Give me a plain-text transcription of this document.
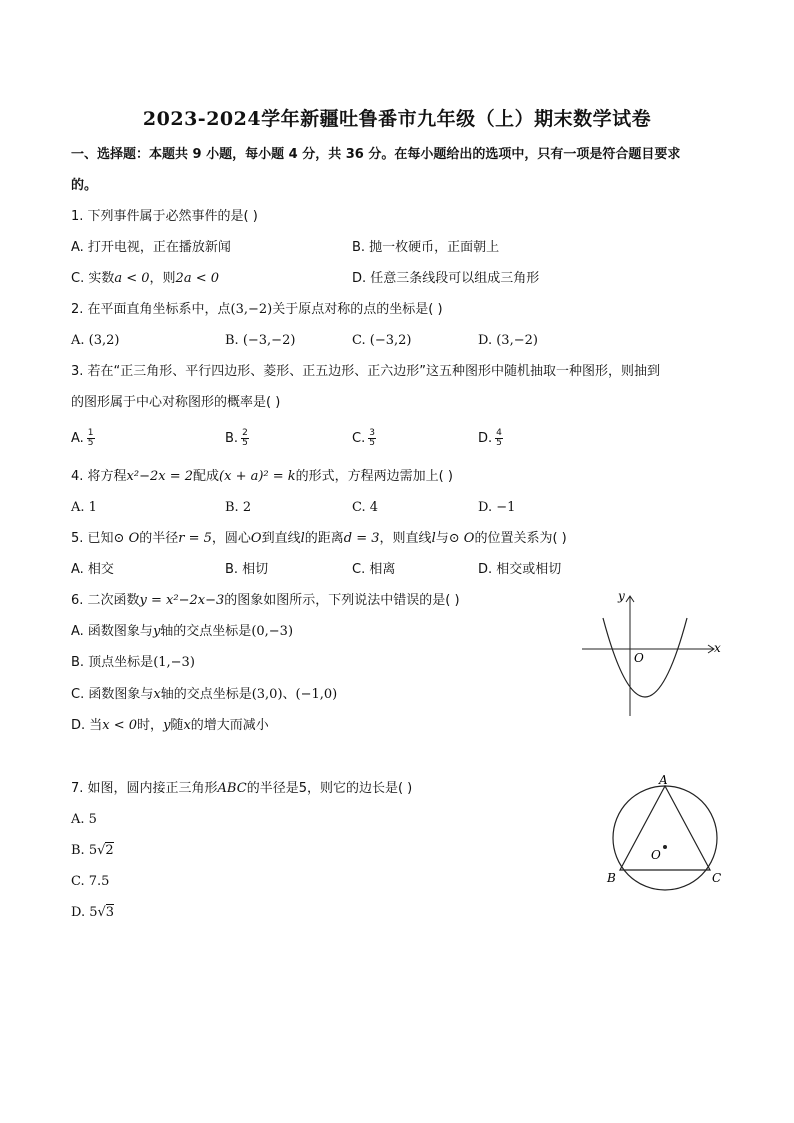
2023-2024学年新疆吐鲁番市九年级（上）期末数学试卷
一、选择题：本题共 9 小题，每小题 4 分，共 36 分。在每小题给出的选项中，只有一项是符合题目要求
的。
1. 下列事件属于必然事件的是( )
A. 打开电视，正在播放新闻	B. 抛一枚硬币，正面朝上
C. 实数a < 0，则2a < 0	D. 任意三条线段可以组成三角形
2. 在平面直角坐标系中，点(3,−2)关于原点对称的点的坐标是( )
A. (3,2)	B. (−3,−2)	C. (−3,2)	D. (3,−2)
3. 若在“正三角形、平行四边形、菱形、正五边形、正六边形”这五种图形中随机抽取一种图形，则抽到
的图形属于中心对称图形的概率是( )
A. $\frac{1}{5}$	B. $\frac{2}{5}$	C. $\frac{3}{5}$	D. $\frac{4}{5}$
4. 将方程x²−2x = 2配成(x + a)² = k的形式，方程两边需加上( )
A. 1	B. 2	C. 4	D. −1
5. 已知⊙ O的半径r = 5，圆心O到直线l的距离d = 3，则直线l与⊙ O的位置关系为( )
A. 相交	B. 相切	C. 相离	D. 相交或相切
6. 二次函数y = x²−2x−3的图象如图所示，下列说法中错误的是( )
A. 函数图象与y轴的交点坐标是(0,−3)
B. 顶点坐标是(1,−3)
C. 函数图象与x轴的交点坐标是(3,0)、(−1,0)
D. 当x < 0时，y随x的增大而减小
y
x
O
7. 如图，圆内接正三角形ABC的半径是5，则它的边长是( )
A. 5
B. 5√2
C. 7.5
D. 5√3
A
B	C
O
